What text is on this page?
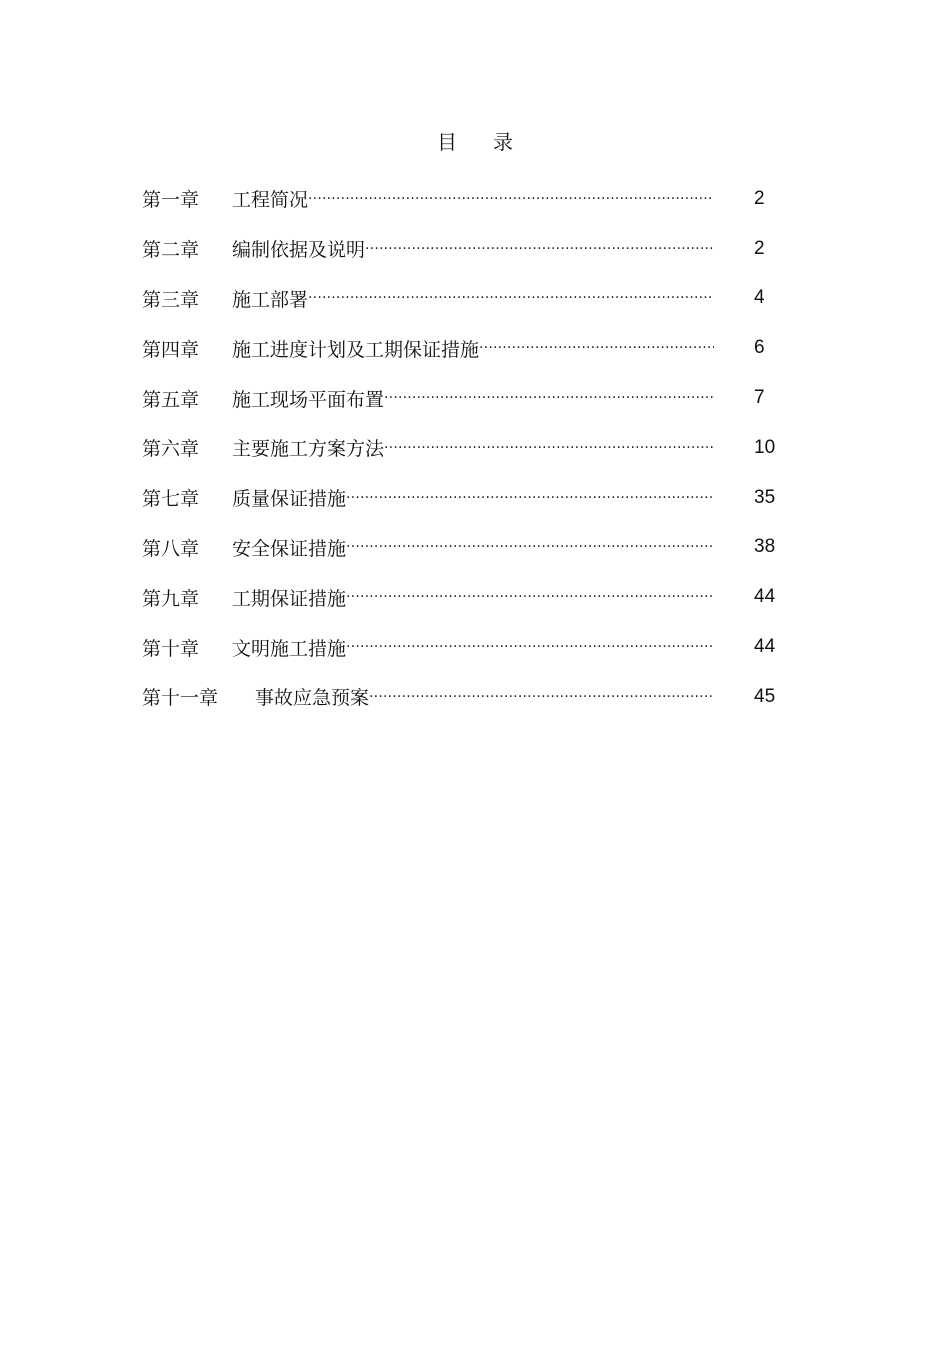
目 录
第一章	工程简况 ·····	2
第二章	编制依据及说明 ·····	2
第三章	施工部署 ·····	4
第四章	施工进度计划及工期保证措施 ·····	6
第五章	施工现场平面布置 ·····	7
第六章	主要施工方案方法 ·····	10
第七章	质量保证措施 ·····	35
第八章	安全保证措施 ·····	38
第九章	工期保证措施 ·····	44
第十章	文明施工措施 ·····	44
第十一章	事故应急预案 ·····	45
